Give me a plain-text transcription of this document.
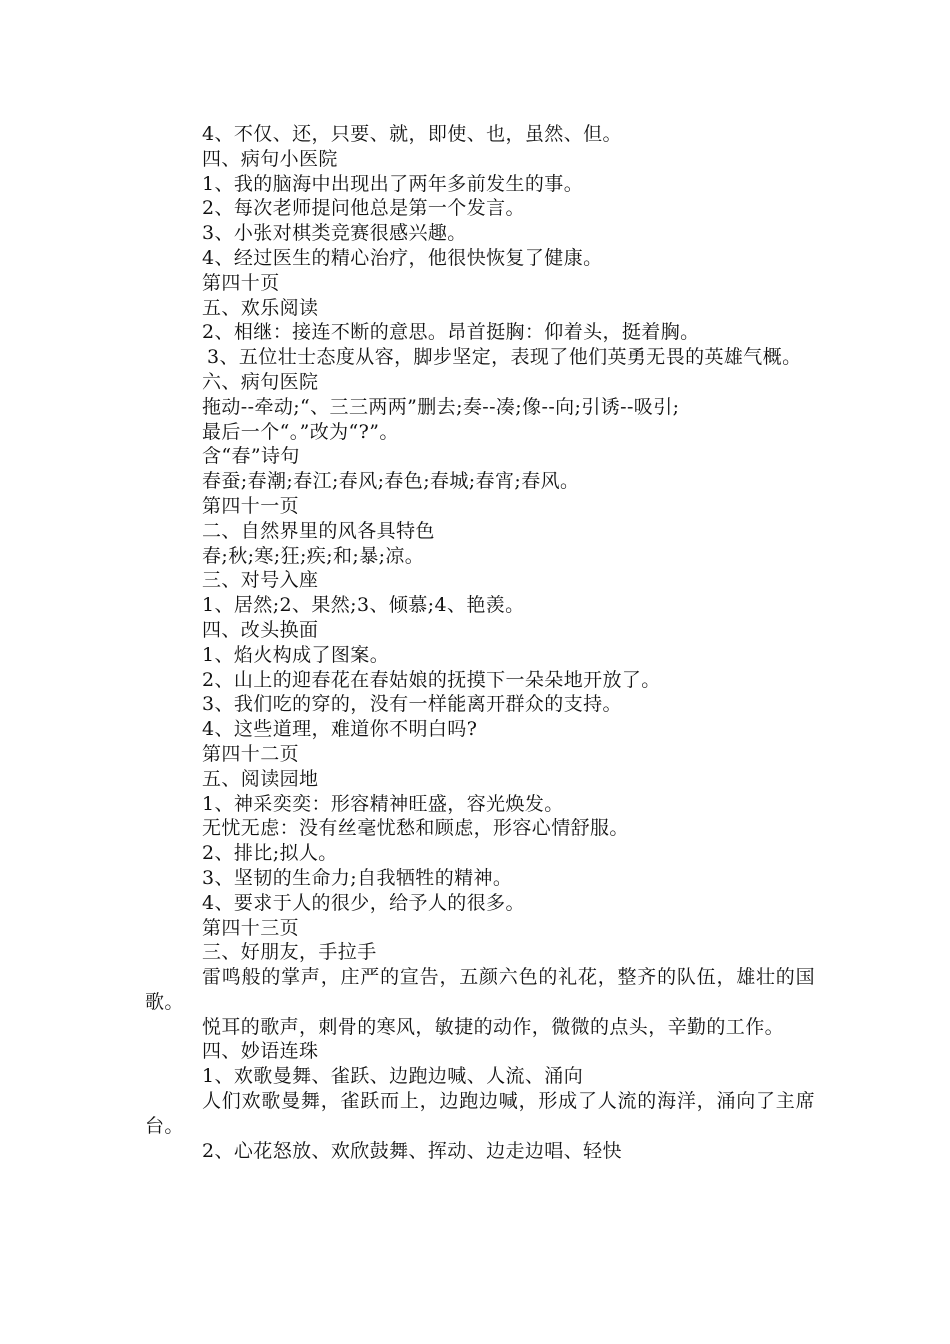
4、不仅、还，只要、就，即使、也，虽然、但。
四、病句小医院
1、我的脑海中出现出了两年多前发生的事。
2、每次老师提问他总是第一个发言。
3、小张对棋类竞赛很感兴趣。
4、经过医生的精心治疗，他很快恢复了健康。
第四十页
五、欢乐阅读
2、相继：接连不断的意思。昂首挺胸：仰着头，挺着胸。
3、五位壮士态度从容，脚步坚定，表现了他们英勇无畏的英雄气概。
六、病句医院
拖动--牵动;“、三三两两”删去;奏--凑;像--向;引诱--吸引;
最后一个“。”改为“?”。
含“春”诗句
春蚕;春潮;春江;春风;春色;春城;春宵;春风。
第四十一页
二、自然界里的风各具特色
春;秋;寒;狂;疾;和;暴;凉。
三、对号入座
1、居然;2、果然;3、倾慕;4、艳羡。
四、改头换面
1、焰火构成了图案。
2、山上的迎春花在春姑娘的抚摸下一朵朵地开放了。
3、我们吃的穿的，没有一样能离开群众的支持。
4、这些道理，难道你不明白吗?
第四十二页
五、阅读园地
1、神采奕奕：形容精神旺盛，容光焕发。
无忧无虑：没有丝毫忧愁和顾虑，形容心情舒服。
2、排比;拟人。
3、坚韧的生命力;自我牺牲的精神。
4、要求于人的很少，给予人的很多。
第四十三页
三、好朋友，手拉手
雷鸣般的掌声，庄严的宣告，五颜六色的礼花，整齐的队伍，雄壮的国歌。
悦耳的歌声，刺骨的寒风，敏捷的动作，微微的点头，辛勤的工作。
四、妙语连珠
1、欢歌曼舞、雀跃、边跑边喊、人流、涌向
人们欢歌曼舞，雀跃而上，边跑边喊，形成了人流的海洋，涌向了主席台。
2、心花怒放、欢欣鼓舞、挥动、边走边唱、轻快
